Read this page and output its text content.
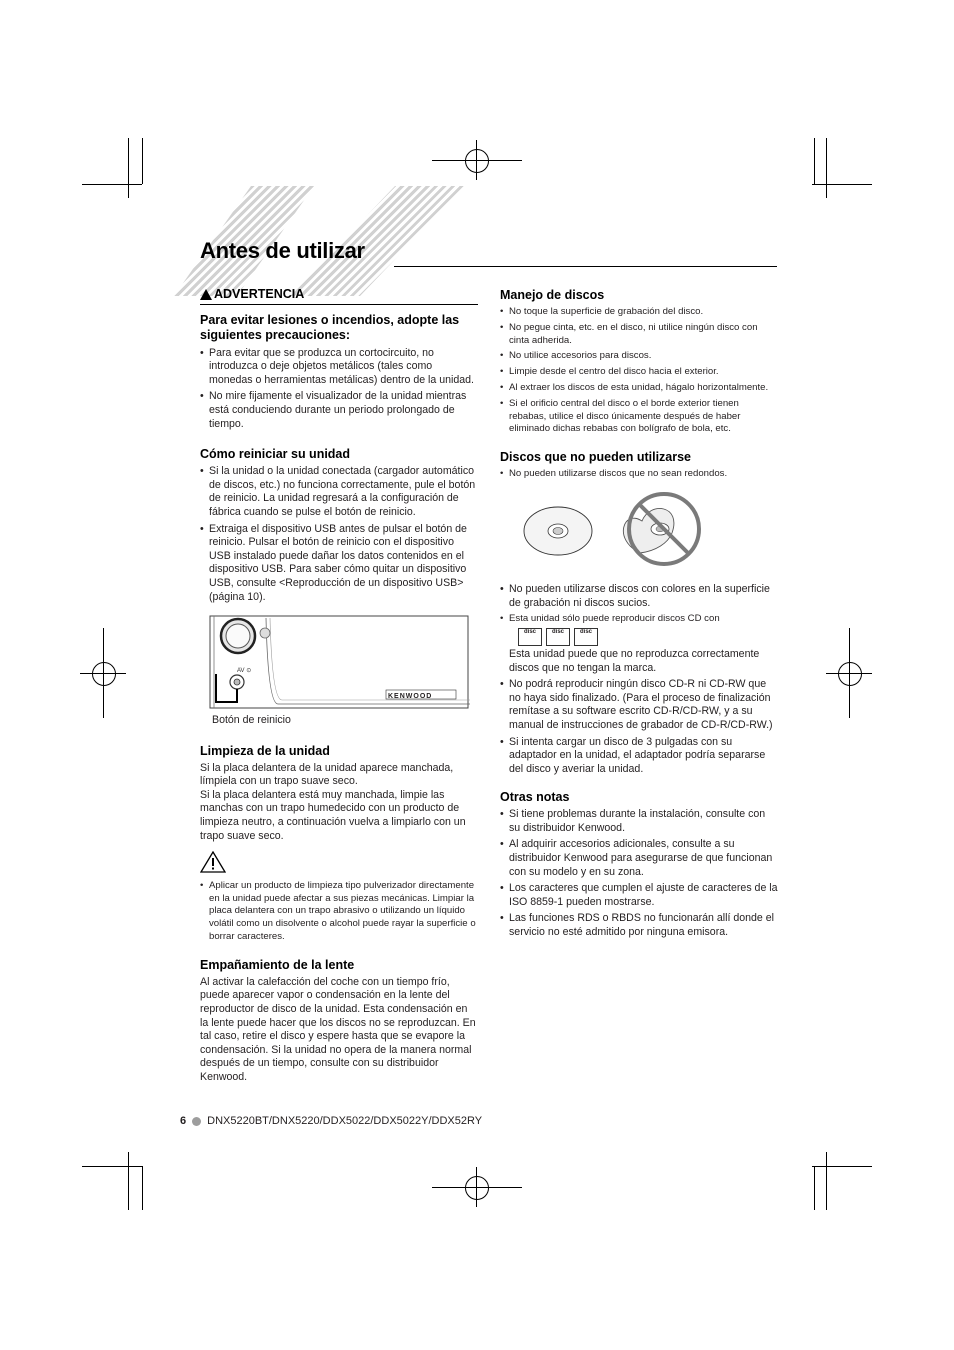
Antes de utilizar
ADVERTENCIA
Para evitar lesiones o incendios, adopte las siguientes precauciones:
• Para evitar que se produzca un cortocircuito, no introduzca o deje objetos metálicos (tales como monedas o herramientas metálicas) dentro de la unidad.
• No mire fijamente el visualizador de la unidad mientras está conduciendo durante un periodo prolongado de tiempo.
Cómo reiniciar su unidad
• Si la unidad o la unidad conectada (cargador automático de discos, etc.) no funciona correctamente, pule el botón de reinicio. La unidad regresará a la configuración de fábrica cuando se pulse el botón de reinicio.
• Extraiga el dispositivo USB antes de pulsar el botón de reinicio. Pulsar el botón de reinicio con el dispositivo USB instalado puede dañar los datos contenidos en el dispositivo USB. Para saber cómo quitar un dispositivo USB, consulte <Reproducción de un dispositivo USB> (página 10).
AV ⊙
KENWOOD
Botón de reinicio
Limpieza de la unidad

Si la placa delantera de la unidad aparece manchada, límpiela con un trapo suave seco.

Si la placa delantera está muy manchada, limpie las manchas con un trapo humedecido con un producto de limpieza neutro, a continuación vuelva a limpiarlo con un trapo suave seco.

• Aplicar un producto de limpieza tipo pulverizador directamente en la unidad puede afectar a sus piezas mecánicas. Limpiar la placa delantera con un trapo abrasivo o utilizando un líquido volátil como un disolvente o alcohol puede rayar la superficie o borrar caracteres.
Empañamiento de la lente

Al activar la calefacción del coche con un tiempo frío, puede aparecer vapor o condensación en la lente del reproductor de disco de la unidad. Esta condensación en la lente puede hacer que los discos no se reproduzcan. En tal caso, retire el disco y espere hasta que se evapore la condensación. Si la unidad no opera de la manera normal después de un tiempo, consulte con su distribuidor Kenwood.

Manejo de discos
• No toque la superficie de grabación del disco.
• No pegue cinta, etc. en el disco, ni utilice ningún disco con cinta adherida.
• No utilice accesorios para discos.
• Limpie desde el centro del disco hacia el exterior.
• Al extraer los discos de esta unidad, hágalo horizontalmente.
• Si el orificio central del disco o el borde exterior tienen rebabas, utilice el disco únicamente después de haber eliminado dichas rebabas con bolígrafo de bola, etc.
Discos que no pueden utilizarse
• No pueden utilizarse discos que no sean redondos.
• No pueden utilizarse discos con colores en la superficie de grabación ni discos sucios.
• Esta unidad sólo puede reproducir discos CD con
disc	disc	disc
Esta unidad puede que no reproduzca correctamente discos que no tengan la marca.
• No podrá reproducir ningún disco CD-R ni CD-RW que no haya sido finalizado. (Para el proceso de finalización remítase a su software escrito CD-R/CD-RW, y a su manual de instrucciones de grabador de CD-R/CD-RW.)
• Si intenta cargar un disco de 3 pulgadas con su adaptador en la unidad, el adaptador podría separarse del disco y averiar la unidad.
Otras notas
• Si tiene problemas durante la instalación, consulte con su distribuidor Kenwood.
• Al adquirir accesorios adicionales, consulte a su distribuidor Kenwood para asegurarse de que funcionan con su modelo y en su zona.
• Los caracteres que cumplen el ajuste de caracteres de la ISO 8859-1 pueden mostrarse.
• Las funciones RDS o RBDS no funcionarán allí donde el servicio no esté admitido por ninguna emisora.
6 DNX5220BT/DNX5220/DDX5022/DDX5022Y/DDX52RY
